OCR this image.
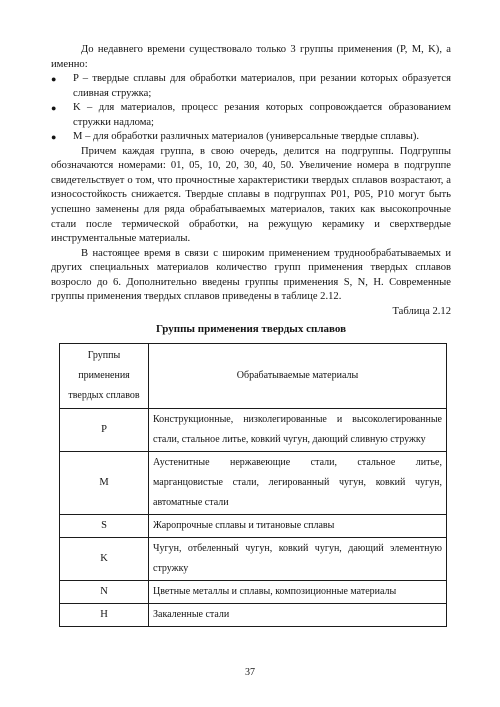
До недавнего времени существовало только 3 группы применения (P, M, K), а именно:

● P – твердые сплавы для обработки материалов, при резании которых образуется сливная стружка;

● K – для материалов, процесс резания которых сопровождается образованием стружки надлома;

● M – для обработки различных материалов (универсальные твердые сплавы).

Причем каждая группа, в свою очередь, делится на подгруппы. Подгруппы обозначаются номерами: 01, 05, 10, 20, 30, 40, 50. Увеличение номера в подгруппе свидетельствует о том, что прочностные характеристики твердых сплавов возрастают, а износостойкость снижается. Твердые сплавы в подгруппах P01, P05, P10 могут быть успешно заменены для ряда обрабатываемых материалов, таких как высокопрочные стали после термической обработки, на режущую керамику и сверхтвердые инструментальные материалы.

В настоящее время в связи с широким применением труднообрабатываемых и других специальных материалов количество групп применения твердых сплавов возросло до 6. Дополнительно введены группы применения S, N, H. Современные группы применения твердых сплавов приведены в таблице 2.12.

Таблица 2.12

Группы применения твердых сплавов

Группы применения твердых сплавов	Обрабатываемые материалы
P	Конструкционные, низколегированные и высоколегированные стали, стальное литье, ковкий чугун, дающий сливную стружку
M	Аустенитные нержавеющие стали, стальное литье, марганцовистые стали, легированный чугун, ковкий чугун, автоматные стали
S	Жаропрочные сплавы и титановые сплавы
K	Чугун, отбеленный чугун, ковкий чугун, дающий элементную стружку
N	Цветные металлы и сплавы, композиционные материалы
H	Закаленные стали
37
